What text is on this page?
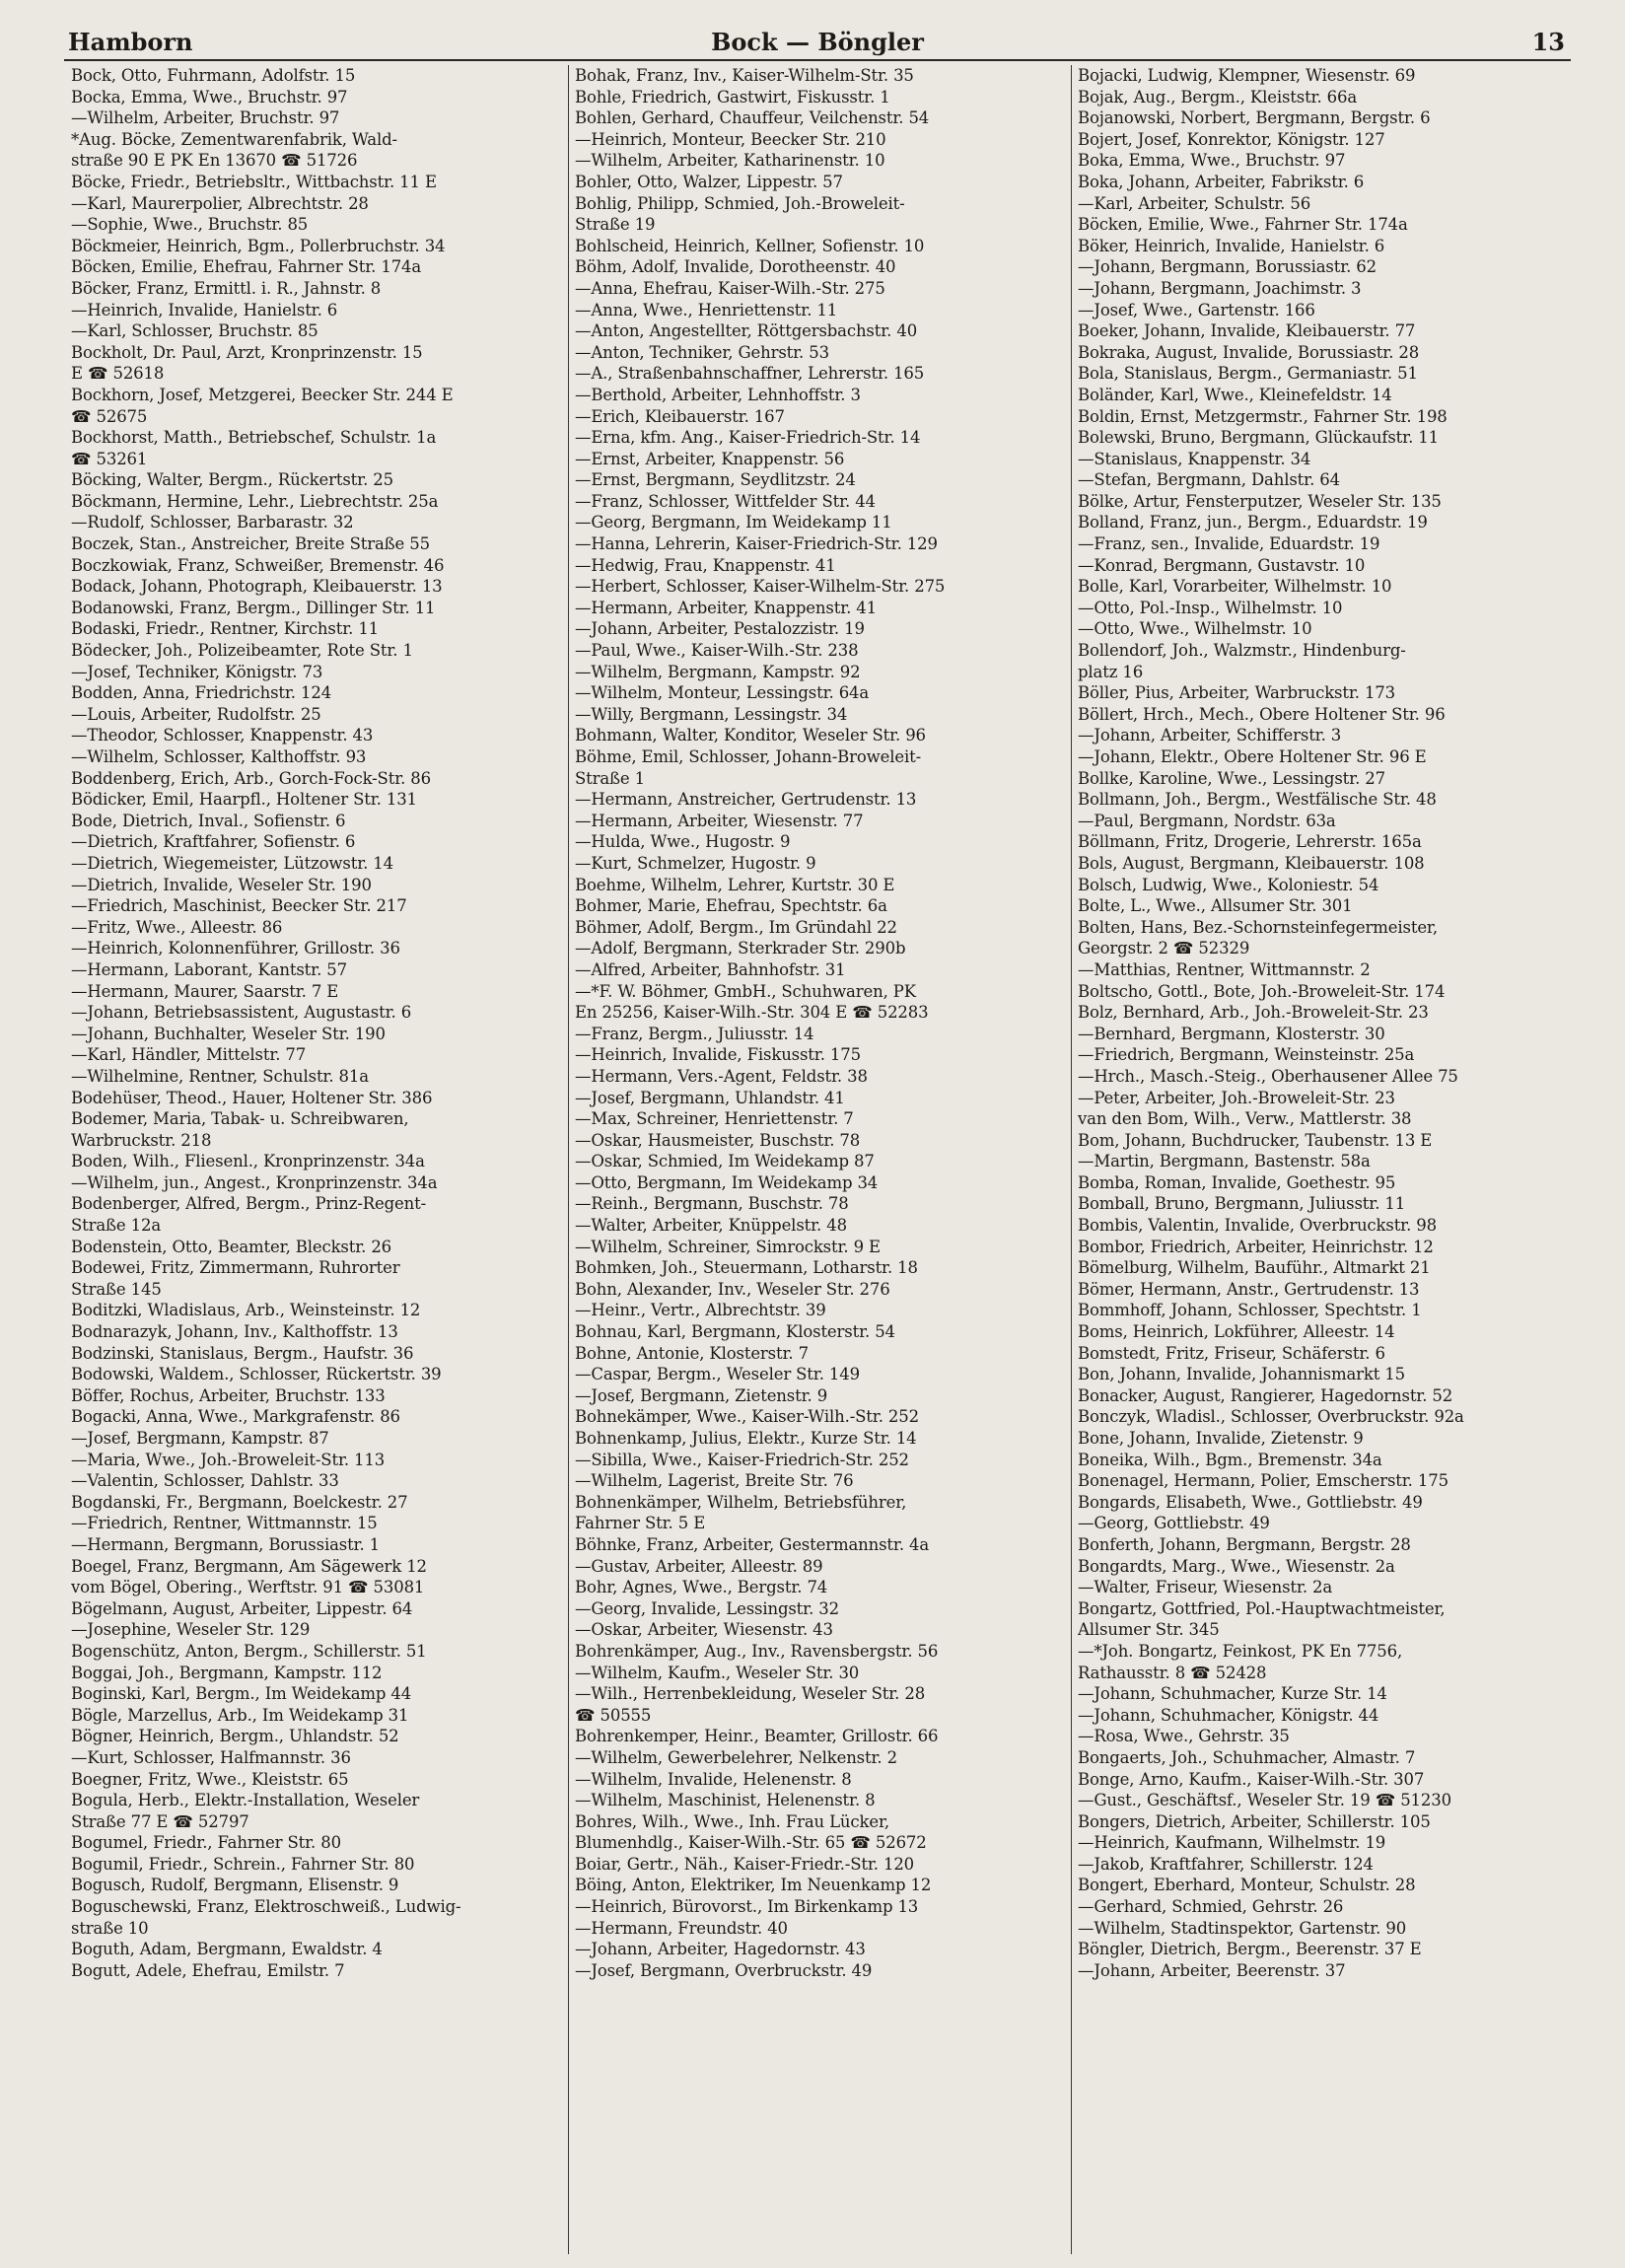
Hamborn	Bock — Böngler	13
Bock, Otto, Fuhrmann, Adolfstr. 15
Bocka, Emma, Wwe., Bruchstr. 97
—Wilhelm, Arbeiter, Bruchstr. 97
*Aug. Böcke, Zementwarenfabrik, Wald-
straße 90 E PK En 13670 ☎ 51726
Böcke, Friedr., Betriebsltr., Wittbachstr. 11 E
—Karl, Maurerpolier, Albrechtstr. 28
—Sophie, Wwe., Bruchstr. 85
Böckmeier, Heinrich, Bgm., Pollerbruchstr. 34
Böcken, Emilie, Ehefrau, Fahrner Str. 174a
Böcker, Franz, Ermittl. i. R., Jahnstr. 8
—Heinrich, Invalide, Hanielstr. 6
—Karl, Schlosser, Bruchstr. 85
Bockholt, Dr. Paul, Arzt, Kronprinzenstr. 15
E ☎ 52618
Bockhorn, Josef, Metzgerei, Beecker Str. 244 E
☎ 52675
Bockhorst, Matth., Betriebschef, Schulstr. 1a
☎ 53261
Böcking, Walter, Bergm., Rückertstr. 25
Böckmann, Hermine, Lehr., Liebrechtstr. 25a
—Rudolf, Schlosser, Barbarastr. 32
Boczek, Stan., Anstreicher, Breite Straße 55
Boczkowiak, Franz, Schweißer, Bremenstr. 46
Bodack, Johann, Photograph, Kleibauerstr. 13
Bodanowski, Franz, Bergm., Dillinger Str. 11
Bodaski, Friedr., Rentner, Kirchstr. 11
Bödecker, Joh., Polizeibeamter, Rote Str. 1
—Josef, Techniker, Königstr. 73
Bodden, Anna, Friedrichstr. 124
—Louis, Arbeiter, Rudolfstr. 25
—Theodor, Schlosser, Knappenstr. 43
—Wilhelm, Schlosser, Kalthoffstr. 93
Boddenberg, Erich, Arb., Gorch-Fock-Str. 86
Bödicker, Emil, Haarpfl., Holtener Str. 131
Bode, Dietrich, Inval., Sofienstr. 6
—Dietrich, Kraftfahrer, Sofienstr. 6
—Dietrich, Wiegemeister, Lützowstr. 14
—Dietrich, Invalide, Weseler Str. 190
—Friedrich, Maschinist, Beecker Str. 217
—Fritz, Wwe., Alleestr. 86
—Heinrich, Kolonnenführer, Grillostr. 36
—Hermann, Laborant, Kantstr. 57
—Hermann, Maurer, Saarstr. 7 E
—Johann, Betriebsassistent, Augustastr. 6
—Johann, Buchhalter, Weseler Str. 190
—Karl, Händler, Mittelstr. 77
—Wilhelmine, Rentner, Schulstr. 81a
Bodehüser, Theod., Hauer, Holtener Str. 386
Bodemer, Maria, Tabak- u. Schreibwaren,
Warbruckstr. 218
Boden, Wilh., Fliesenl., Kronprinzenstr. 34a
—Wilhelm, jun., Angest., Kronprinzenstr. 34a
Bodenberger, Alfred, Bergm., Prinz-Regent-
Straße 12a
Bodenstein, Otto, Beamter, Bleckstr. 26
Bodewei, Fritz, Zimmermann, Ruhrorter
Straße 145
Boditzki, Wladislaus, Arb., Weinsteinstr. 12
Bodnarazyk, Johann, Inv., Kalthoffstr. 13
Bodzinski, Stanislaus, Bergm., Haufstr. 36
Bodowski, Waldem., Schlosser, Rückertstr. 39
Böffer, Rochus, Arbeiter, Bruchstr. 133
Bogacki, Anna, Wwe., Markgrafenstr. 86
—Josef, Bergmann, Kampstr. 87
—Maria, Wwe., Joh.-Broweleit-Str. 113
—Valentin, Schlosser, Dahlstr. 33
Bogdanski, Fr., Bergmann, Boelckestr. 27
—Friedrich, Rentner, Wittmannstr. 15
—Hermann, Bergmann, Borussiastr. 1
Boegel, Franz, Bergmann, Am Sägewerk 12
vom Bögel, Obering., Werftstr. 91 ☎ 53081
Bögelmann, August, Arbeiter, Lippestr. 64
—Josephine, Weseler Str. 129
Bogenschütz, Anton, Bergm., Schillerstr. 51
Boggai, Joh., Bergmann, Kampstr. 112
Boginski, Karl, Bergm., Im Weidekamp 44
Bögle, Marzellus, Arb., Im Weidekamp 31
Bögner, Heinrich, Bergm., Uhlandstr. 52
—Kurt, Schlosser, Halfmannstr. 36
Boegner, Fritz, Wwe., Kleiststr. 65
Bogula, Herb., Elektr.-Installation, Weseler
Straße 77 E ☎ 52797
Bogumel, Friedr., Fahrner Str. 80
Bogumil, Friedr., Schrein., Fahrner Str. 80
Bogusch, Rudolf, Bergmann, Elisenstr. 9
Boguschewski, Franz, Elektroschweiß., Ludwig-
straße 10
Boguth, Adam, Bergmann, Ewaldstr. 4
Bogutt, Adele, Ehefrau, Emilstr. 7
Bohak, Franz, Inv., Kaiser-Wilhelm-Str. 35
Bohle, Friedrich, Gastwirt, Fiskusstr. 1
Bohlen, Gerhard, Chauffeur, Veilchenstr. 54
—Heinrich, Monteur, Beecker Str. 210
—Wilhelm, Arbeiter, Katharinenstr. 10
Bohler, Otto, Walzer, Lippestr. 57
Bohlig, Philipp, Schmied, Joh.-Broweleit-
Straße 19
Bohlscheid, Heinrich, Kellner, Sofienstr. 10
Böhm, Adolf, Invalide, Dorotheenstr. 40
—Anna, Ehefrau, Kaiser-Wilh.-Str. 275
—Anna, Wwe., Henriettenstr. 11
—Anton, Angestellter, Röttgersbachstr. 40
—Anton, Techniker, Gehrstr. 53
—A., Straßenbahnschaffner, Lehrerstr. 165
—Berthold, Arbeiter, Lehnhoffstr. 3
—Erich, Kleibauerstr. 167
—Erna, kfm. Ang., Kaiser-Friedrich-Str. 14
—Ernst, Arbeiter, Knappenstr. 56
—Ernst, Bergmann, Seydlitzstr. 24
—Franz, Schlosser, Wittfelder Str. 44
—Georg, Bergmann, Im Weidekamp 11
—Hanna, Lehrerin, Kaiser-Friedrich-Str. 129
—Hedwig, Frau, Knappenstr. 41
—Herbert, Schlosser, Kaiser-Wilhelm-Str. 275
—Hermann, Arbeiter, Knappenstr. 41
—Johann, Arbeiter, Pestalozzistr. 19
—Paul, Wwe., Kaiser-Wilh.-Str. 238
—Wilhelm, Bergmann, Kampstr. 92
—Wilhelm, Monteur, Lessingstr. 64a
—Willy, Bergmann, Lessingstr. 34
Bohmann, Walter, Konditor, Weseler Str. 96
Böhme, Emil, Schlosser, Johann-Broweleit-
Straße 1
—Hermann, Anstreicher, Gertrudenstr. 13
—Hermann, Arbeiter, Wiesenstr. 77
—Hulda, Wwe., Hugostr. 9
—Kurt, Schmelzer, Hugostr. 9
Boehme, Wilhelm, Lehrer, Kurtstr. 30 E
Bohmer, Marie, Ehefrau, Spechtstr. 6a
Böhmer, Adolf, Bergm., Im Gründahl 22
—Adolf, Bergmann, Sterkrader Str. 290b
—Alfred, Arbeiter, Bahnhofstr. 31
—*F. W. Böhmer, GmbH., Schuhwaren, PK
En 25256, Kaiser-Wilh.-Str. 304 E ☎ 52283
—Franz, Bergm., Juliusstr. 14
—Heinrich, Invalide, Fiskusstr. 175
—Hermann, Vers.-Agent, Feldstr. 38
—Josef, Bergmann, Uhlandstr. 41
—Max, Schreiner, Henriettenstr. 7
—Oskar, Hausmeister, Buschstr. 78
—Oskar, Schmied, Im Weidekamp 87
—Otto, Bergmann, Im Weidekamp 34
—Reinh., Bergmann, Buschstr. 78
—Walter, Arbeiter, Knüppelstr. 48
—Wilhelm, Schreiner, Simrockstr. 9 E
Bohmken, Joh., Steuermann, Lotharstr. 18
Bohn, Alexander, Inv., Weseler Str. 276
—Heinr., Vertr., Albrechtstr. 39
Bohnau, Karl, Bergmann, Klosterstr. 54
Bohne, Antonie, Klosterstr. 7
—Caspar, Bergm., Weseler Str. 149
—Josef, Bergmann, Zietenstr. 9
Bohnekämper, Wwe., Kaiser-Wilh.-Str. 252
Bohnenkamp, Julius, Elektr., Kurze Str. 14
—Sibilla, Wwe., Kaiser-Friedrich-Str. 252
—Wilhelm, Lagerist, Breite Str. 76
Bohnenkämper, Wilhelm, Betriebsführer,
Fahrner Str. 5 E
Böhnke, Franz, Arbeiter, Gestermannstr. 4a
—Gustav, Arbeiter, Alleestr. 89
Bohr, Agnes, Wwe., Bergstr. 74
—Georg, Invalide, Lessingstr. 32
—Oskar, Arbeiter, Wiesenstr. 43
Bohrenkämper, Aug., Inv., Ravensbergstr. 56
—Wilhelm, Kaufm., Weseler Str. 30
—Wilh., Herrenbekleidung, Weseler Str. 28
☎ 50555
Bohrenkemper, Heinr., Beamter, Grillostr. 66
—Wilhelm, Gewerbelehrer, Nelkenstr. 2
—Wilhelm, Invalide, Helenenstr. 8
—Wilhelm, Maschinist, Helenenstr. 8
Bohres, Wilh., Wwe., Inh. Frau Lücker,
Blumenhdlg., Kaiser-Wilh.-Str. 65 ☎ 52672
Boiar, Gertr., Näh., Kaiser-Friedr.-Str. 120
Böing, Anton, Elektriker, Im Neuenkamp 12
—Heinrich, Bürovorst., Im Birkenkamp 13
—Hermann, Freundstr. 40
—Johann, Arbeiter, Hagedornstr. 43
—Josef, Bergmann, Overbruckstr. 49
Bojacki, Ludwig, Klempner, Wiesenstr. 69
Bojak, Aug., Bergm., Kleiststr. 66a
Bojanowski, Norbert, Bergmann, Bergstr. 6
Bojert, Josef, Konrektor, Königstr. 127
Boka, Emma, Wwe., Bruchstr. 97
Boka, Johann, Arbeiter, Fabrikstr. 6
—Karl, Arbeiter, Schulstr. 56
Böcken, Emilie, Wwe., Fahrner Str. 174a
Böker, Heinrich, Invalide, Hanielstr. 6
—Johann, Bergmann, Borussiastr. 62
—Johann, Bergmann, Joachimstr. 3
—Josef, Wwe., Gartenstr. 166
Boeker, Johann, Invalide, Kleibauerstr. 77
Bokraka, August, Invalide, Borussiastr. 28
Bola, Stanislaus, Bergm., Germaniastr. 51
Boländer, Karl, Wwe., Kleinefeldstr. 14
Boldin, Ernst, Metzgermstr., Fahrner Str. 198
Bolewski, Bruno, Bergmann, Glückaufstr. 11
—Stanislaus, Knappenstr. 34
—Stefan, Bergmann, Dahlstr. 64
Bölke, Artur, Fensterputzer, Weseler Str. 135
Bolland, Franz, jun., Bergm., Eduardstr. 19
—Franz, sen., Invalide, Eduardstr. 19
—Konrad, Bergmann, Gustavstr. 10
Bolle, Karl, Vorarbeiter, Wilhelmstr. 10
—Otto, Pol.-Insp., Wilhelmstr. 10
—Otto, Wwe., Wilhelmstr. 10
Bollendorf, Joh., Walzmstr., Hindenburg-
platz 16
Böller, Pius, Arbeiter, Warbruckstr. 173
Böllert, Hrch., Mech., Obere Holtener Str. 96
—Johann, Arbeiter, Schifferstr. 3
—Johann, Elektr., Obere Holtener Str. 96 E
Bollke, Karoline, Wwe., Lessingstr. 27
Bollmann, Joh., Bergm., Westfälische Str. 48
—Paul, Bergmann, Nordstr. 63a
Böllmann, Fritz, Drogerie, Lehrerstr. 165a
Bols, August, Bergmann, Kleibauerstr. 108
Bolsch, Ludwig, Wwe., Koloniestr. 54
Bolte, L., Wwe., Allsumer Str. 301
Bolten, Hans, Bez.-Schornsteinfegermeister,
Georgstr. 2 ☎ 52329
—Matthias, Rentner, Wittmannstr. 2
Boltscho, Gottl., Bote, Joh.-Broweleit-Str. 174
Bolz, Bernhard, Arb., Joh.-Broweleit-Str. 23
—Bernhard, Bergmann, Klosterstr. 30
—Friedrich, Bergmann, Weinsteinstr. 25a
—Hrch., Masch.-Steig., Oberhausener Allee 75
—Peter, Arbeiter, Joh.-Broweleit-Str. 23
van den Bom, Wilh., Verw., Mattlerstr. 38
Bom, Johann, Buchdrucker, Taubenstr. 13 E
—Martin, Bergmann, Bastenstr. 58a
Bomba, Roman, Invalide, Goethestr. 95
Bomball, Bruno, Bergmann, Juliusstr. 11
Bombis, Valentin, Invalide, Overbruckstr. 98
Bombor, Friedrich, Arbeiter, Heinrichstr. 12
Bömelburg, Wilhelm, Bauführ., Altmarkt 21
Bömer, Hermann, Anstr., Gertrudenstr. 13
Bommhoff, Johann, Schlosser, Spechtstr. 1
Boms, Heinrich, Lokführer, Alleestr. 14
Bomstedt, Fritz, Friseur, Schäferstr. 6
Bon, Johann, Invalide, Johannismarkt 15
Bonacker, August, Rangierer, Hagedornstr. 52
Bonczyk, Wladisl., Schlosser, Overbruckstr. 92a
Bone, Johann, Invalide, Zietenstr. 9
Boneika, Wilh., Bgm., Bremenstr. 34a
Bonenagel, Hermann, Polier, Emscherstr. 175
Bongards, Elisabeth, Wwe., Gottliebstr. 49
—Georg, Gottliebstr. 49
Bonferth, Johann, Bergmann, Bergstr. 28
Bongardts, Marg., Wwe., Wiesenstr. 2a
—Walter, Friseur, Wiesenstr. 2a
Bongartz, Gottfried, Pol.-Hauptwachtmeister,
Allsumer Str. 345
—*Joh. Bongartz, Feinkost, PK En 7756,
Rathausstr. 8 ☎ 52428
—Johann, Schuhmacher, Kurze Str. 14
—Johann, Schuhmacher, Königstr. 44
—Rosa, Wwe., Gehrstr. 35
Bongaerts, Joh., Schuhmacher, Almastr. 7
Bonge, Arno, Kaufm., Kaiser-Wilh.-Str. 307
—Gust., Geschäftsf., Weseler Str. 19 ☎ 51230
Bongers, Dietrich, Arbeiter, Schillerstr. 105
—Heinrich, Kaufmann, Wilhelmstr. 19
—Jakob, Kraftfahrer, Schillerstr. 124
Bongert, Eberhard, Monteur, Schulstr. 28
—Gerhard, Schmied, Gehrstr. 26
—Wilhelm, Stadtinspektor, Gartenstr. 90
Böngler, Dietrich, Bergm., Beerenstr. 37 E
—Johann, Arbeiter, Beerenstr. 37
